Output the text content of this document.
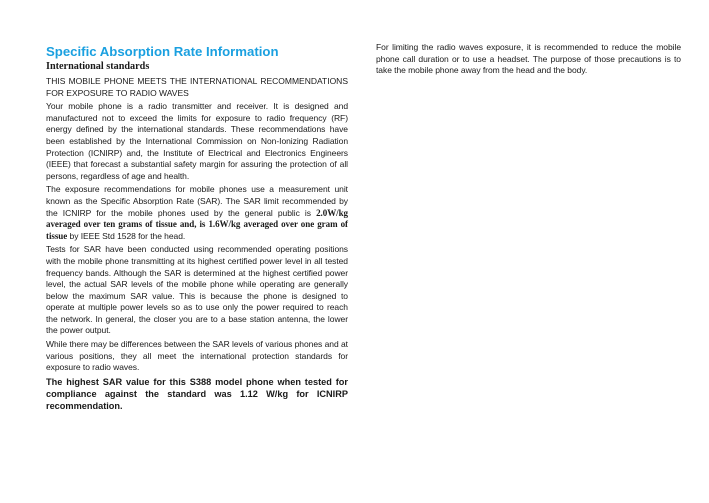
Specific Absorption Rate Information
International standards

THIS MOBILE PHONE MEETS THE INTERNATIONAL RECOMMENDATIONS FOR EXPOSURE TO RADIO WAVES

Your mobile phone is a radio transmitter and receiver. It is designed and manufactured not to exceed the limits for exposure to radio frequency (RF) energy defined by the international standards. These recommendations have been established by the International Commission on Non-Ionizing Radiation Protection (ICNIRP) and, the Institute of Electrical and Electronics Engineers (IEEE) that forecast a substantial safety margin for assuring the protection of all persons, regardless of age and health.

The exposure recommendations for mobile phones use a measurement unit known as the Specific Absorption Rate (SAR). The SAR limit recommended by the ICNIRP for the mobile phones used by the general public is 2.0W/kg averaged over ten grams of tissue and, is 1.6W/kg averaged over one gram of tissue by IEEE Std 1528 for the head.

Tests for SAR have been conducted using recommended operating positions with the mobile phone transmitting at its highest certified power level in all tested frequency bands. Although the SAR is determined at the highest certified power level, the actual SAR levels of the mobile phone while operating are generally below the maximum SAR value. This is because the phone is designed to operate at multiple power levels so as to use only the power required to reach the network. In general, the closer you are to a base station antenna, the lower the power output.

While there may be differences between the SAR levels of various phones and at various positions, they all meet the international protection standards for exposure to radio waves.

The highest SAR value for this S388 model phone when tested for compliance against the standard was 1.12 W/kg for ICNIRP recommendation.

For limiting the radio waves exposure, it is recommended to reduce the mobile phone call duration or to use a headset. The purpose of those precautions is to take the mobile phone away from the head and the body.
